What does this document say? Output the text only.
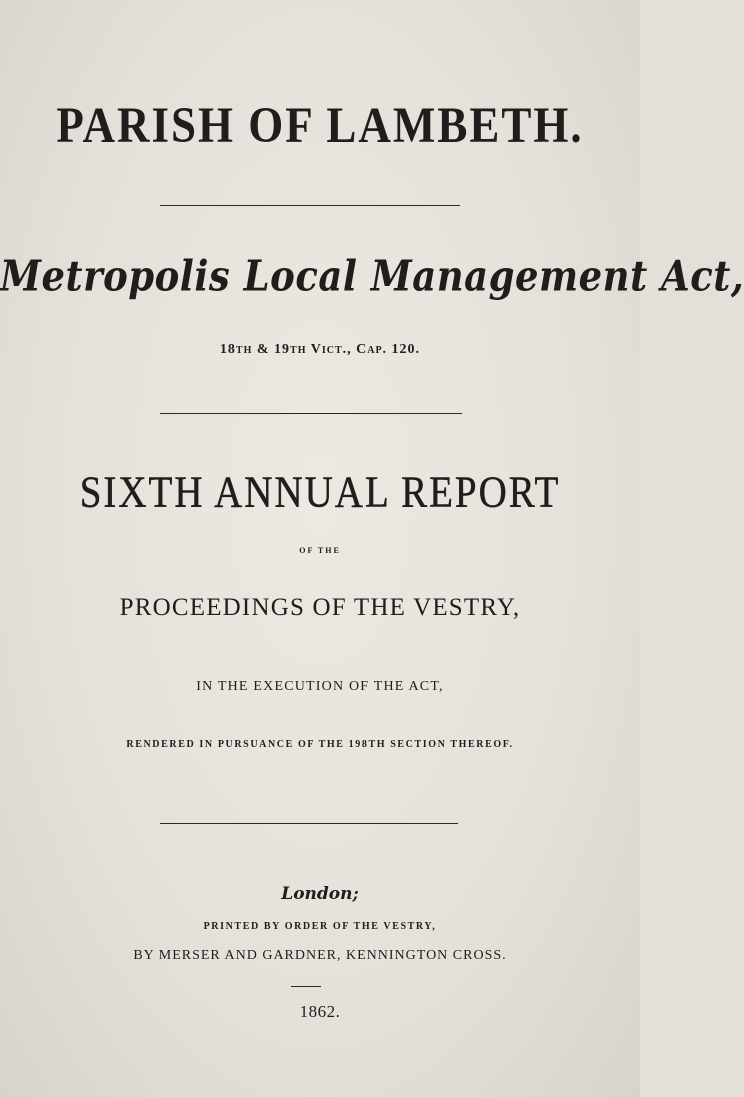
PARISH OF LAMBETH.
Metropolis Local Management Act,
18th & 19th Vict., Cap. 120.
SIXTH ANNUAL REPORT
OF THE
PROCEEDINGS OF THE VESTRY,
IN THE EXECUTION OF THE ACT,
RENDERED IN PURSUANCE OF THE 198TH SECTION THEREOF.
London;
PRINTED BY ORDER OF THE VESTRY,
BY MERSER AND GARDNER, KENNINGTON CROSS.
1862.
